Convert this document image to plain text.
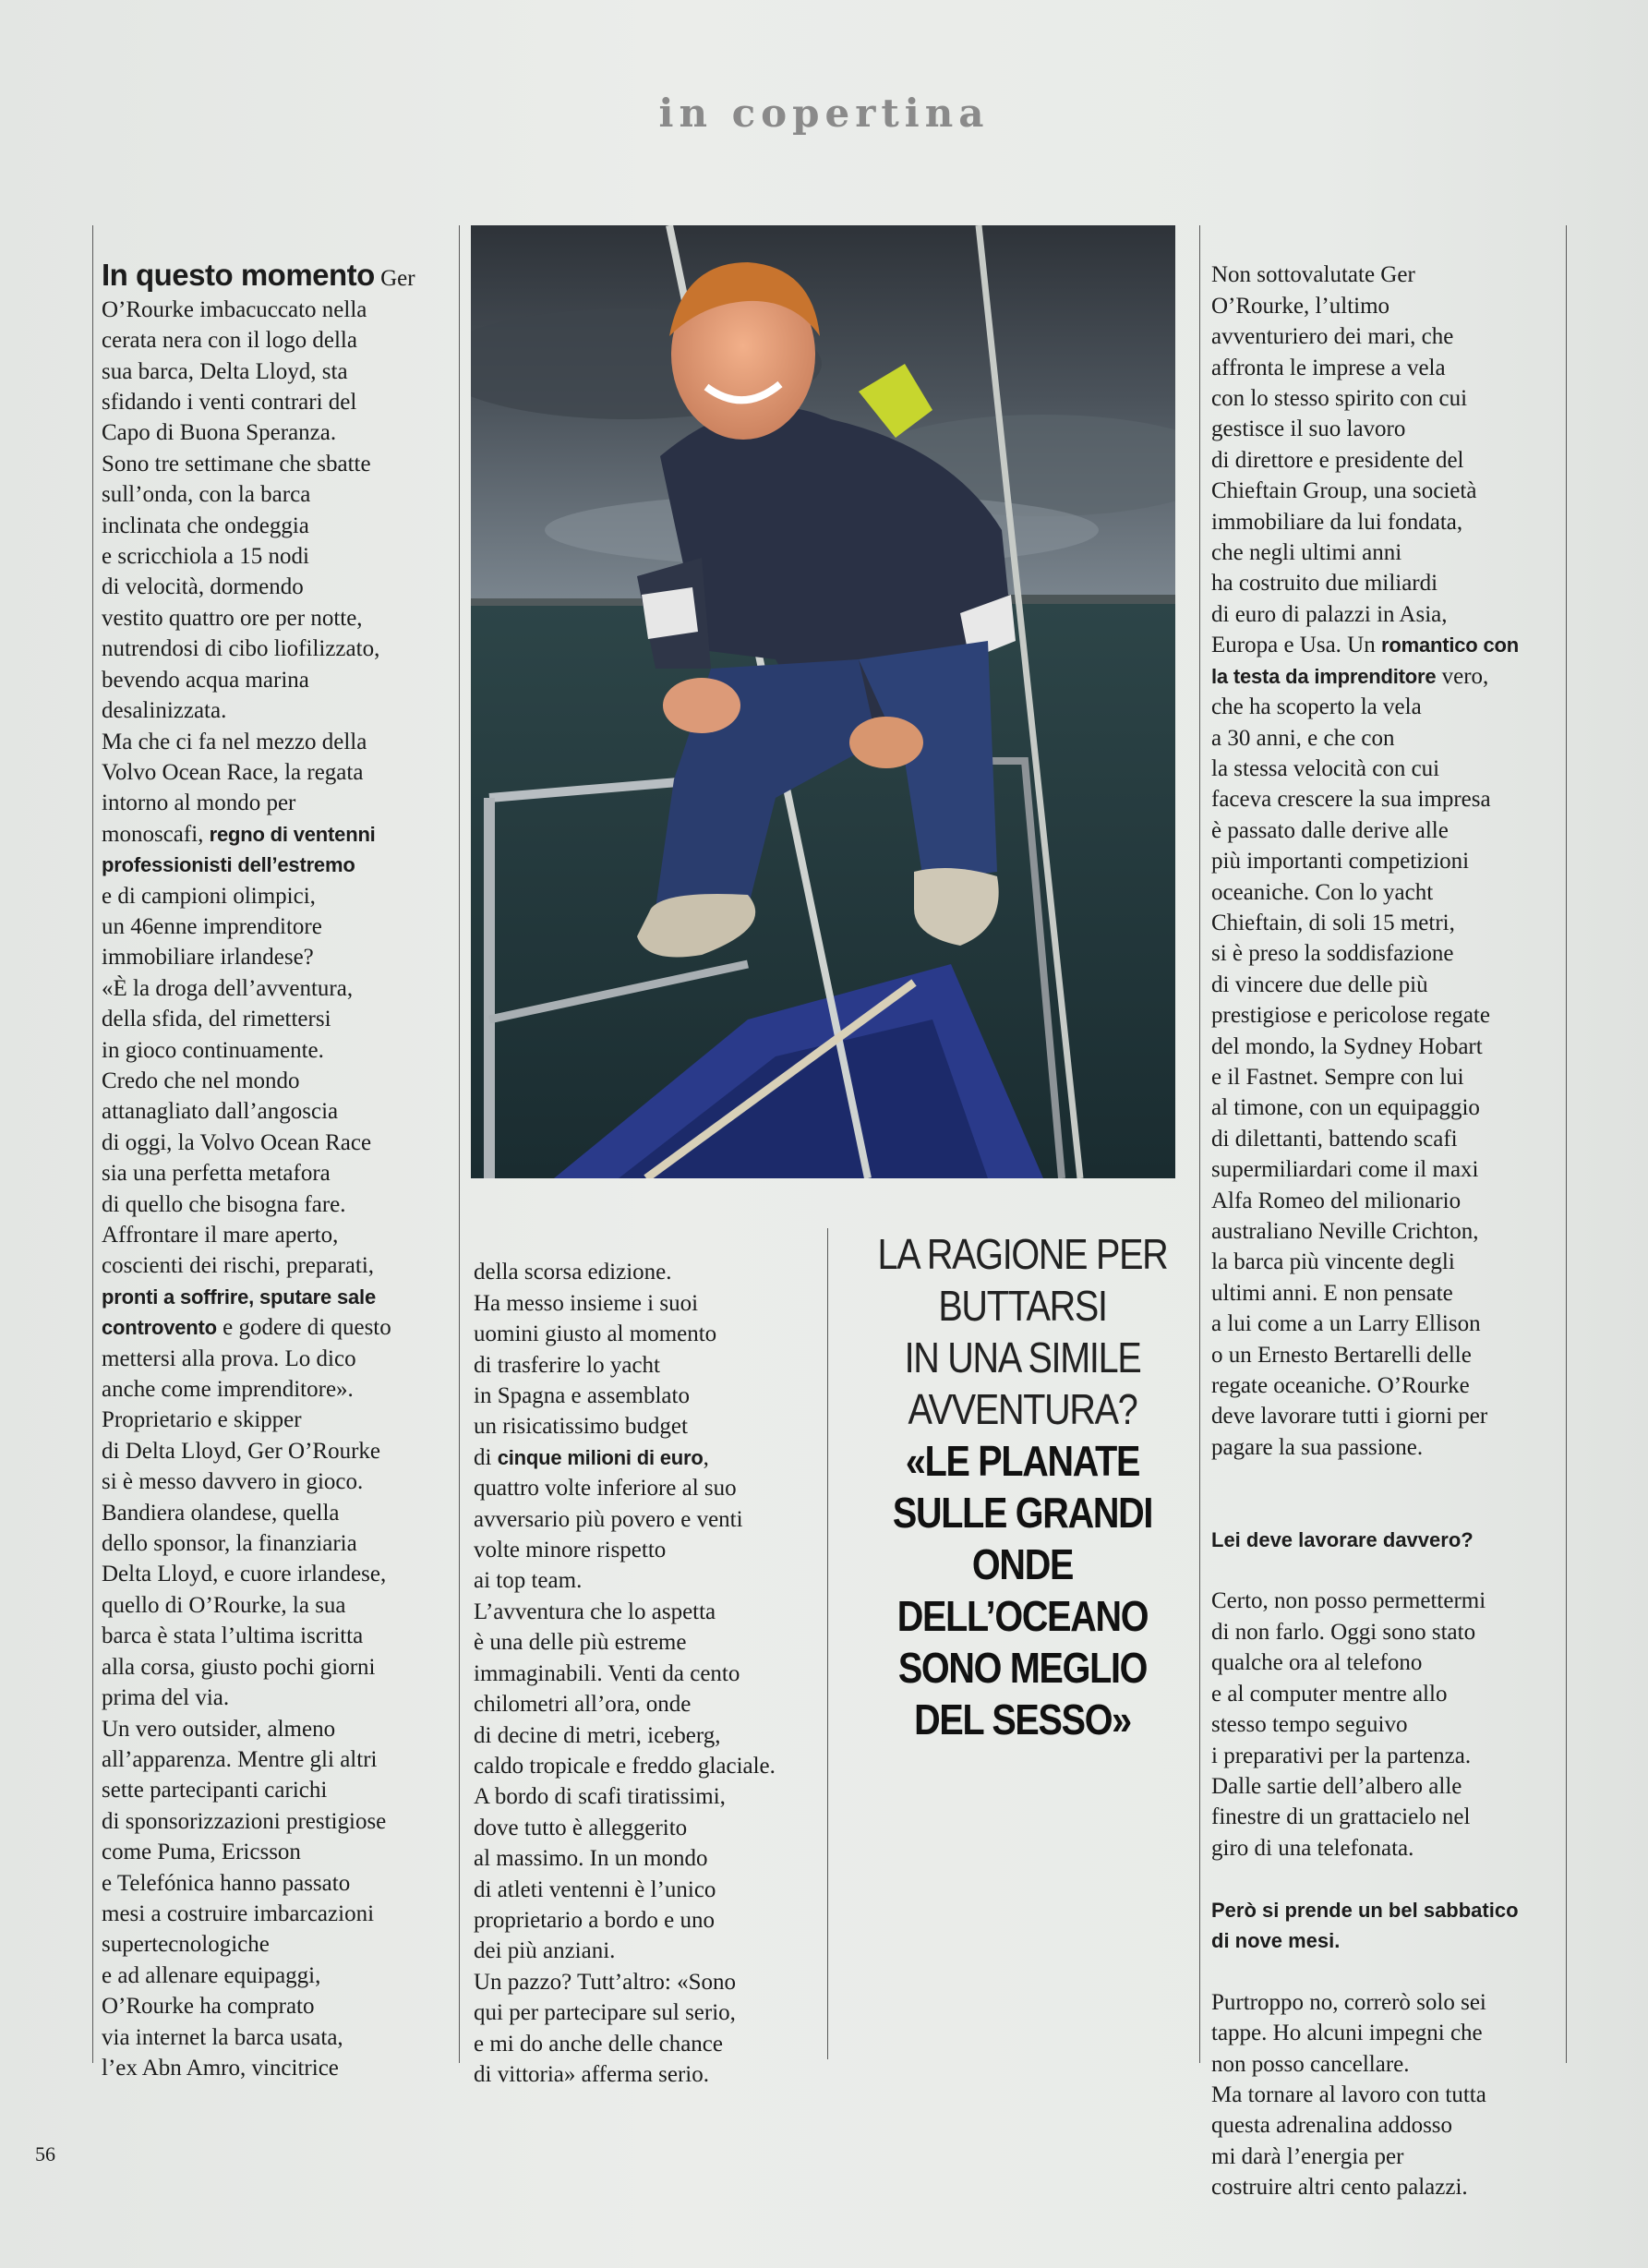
in copertina

In questo momento Ger
O’Rourke imbacuccato nella
cerata nera con il logo della
sua barca, Delta Lloyd, sta
sfidando i venti contrari del
Capo di Buona Speranza.
Sono tre settimane che sbatte
sull’onda, con la barca
inclinata che ondeggia
e scricchiola a 15 nodi
di velocità, dormendo
vestito quattro ore per notte,
nutrendosi di cibo liofilizzato,
bevendo acqua marina
desalinizzata.
Ma che ci fa nel mezzo della
Volvo Ocean Race, la regata
intorno al mondo per
monoscafi, regno di ventenni
professionisti dell’estremo
e di campioni olimpici,
un 46enne imprenditore
immobiliare irlandese?
«È la droga dell’avventura,
della sfida, del rimettersi
in gioco continuamente.
Credo che nel mondo
attanagliato dall’angoscia
di oggi, la Volvo Ocean Race
sia una perfetta metafora
di quello che bisogna fare.
Affrontare il mare aperto,
coscienti dei rischi, preparati,
pronti a soffrire, sputare sale
controvento e godere di questo
mettersi alla prova. Lo dico
anche come imprenditore».
Proprietario e skipper
di Delta Lloyd, Ger O’Rourke
si è messo davvero in gioco.
Bandiera olandese, quella
dello sponsor, la finanziaria
Delta Lloyd, e cuore irlandese,
quello di O’Rourke, la sua
barca è stata l’ultima iscritta
alla corsa, giusto pochi giorni
prima del via.
Un vero outsider, almeno
all’apparenza. Mentre gli altri
sette partecipanti carichi
di sponsorizzazioni prestigiose
come Puma, Ericsson
e Telefónica hanno passato
mesi a costruire imbarcazioni
supertecnologiche
e ad allenare equipaggi,
O’Rourke ha comprato
via internet la barca usata,
l’ex Abn Amro, vincitrice

della scorsa edizione.
Ha messo insieme i suoi
uomini giusto al momento
di trasferire lo yacht
in Spagna e assemblato
un risicatissimo budget
di cinque milioni di euro,
quattro volte inferiore al suo
avversario più povero e venti
volte minore rispetto
ai top team.
L’avventura che lo aspetta
è una delle più estreme
immaginabili. Venti da cento
chilometri all’ora, onde
di decine di metri, iceberg,
caldo tropicale e freddo glaciale.
A bordo di scafi tiratissimi,
dove tutto è alleggerito
al massimo. In un mondo
di atleti ventenni è l’unico
proprietario a bordo e uno
dei più anziani.
Un pazzo? Tutt’altro: «Sono
qui per partecipare sul serio,
e mi do anche delle chance
di vittoria» afferma serio.

LA RAGIONE PER
BUTTARSI
IN UNA SIMILE
AVVENTURA?
«LE PLANATE
SULLE GRANDI
ONDE DELL’OCEANO
SONO MEGLIO
DEL SESSO»

Non sottovalutate Ger
O’Rourke, l’ultimo
avventuriero dei mari, che
affronta le imprese a vela
con lo stesso spirito con cui
gestisce il suo lavoro
di direttore e presidente del
Chieftain Group, una società
immobiliare da lui fondata,
che negli ultimi anni
ha costruito due miliardi
di euro di palazzi in Asia,
Europa e Usa. Un romantico con
la testa da imprenditore vero,
che ha scoperto la vela
a 30 anni, e che con
la stessa velocità con cui
faceva crescere la sua impresa
è passato dalle derive alle
più importanti competizioni
oceaniche. Con lo yacht
Chieftain, di soli 15 metri,
si è preso la soddisfazione
di vincere due delle più
prestigiose e pericolose regate
del mondo, la Sydney Hobart
e il Fastnet. Sempre con lui
al timone, con un equipaggio
di dilettanti, battendo scafi
supermiliardari come il maxi
Alfa Romeo del milionario
australiano Neville Crichton,
la barca più vincente degli
ultimi anni. E non pensate
a lui come a un Larry Ellison
o un Ernesto Bertarelli delle
regate oceaniche. O’Rourke
deve lavorare tutti i giorni per
pagare la sua passione.

Lei deve lavorare davvero?

Certo, non posso permettermi
di non farlo. Oggi sono stato
qualche ora al telefono
e al computer mentre allo
stesso tempo seguivo
i preparativi per la partenza.
Dalle sartie dell’albero alle
finestre di un grattacielo nel
giro di una telefonata.

Però si prende un bel sabbatico
di nove mesi.

Purtroppo no, correrò solo sei
tappe. Ho alcuni impegni che
non posso cancellare.
Ma tornare al lavoro con tutta
questa adrenalina addosso
mi darà l’energia per
costruire altri cento palazzi.

56
